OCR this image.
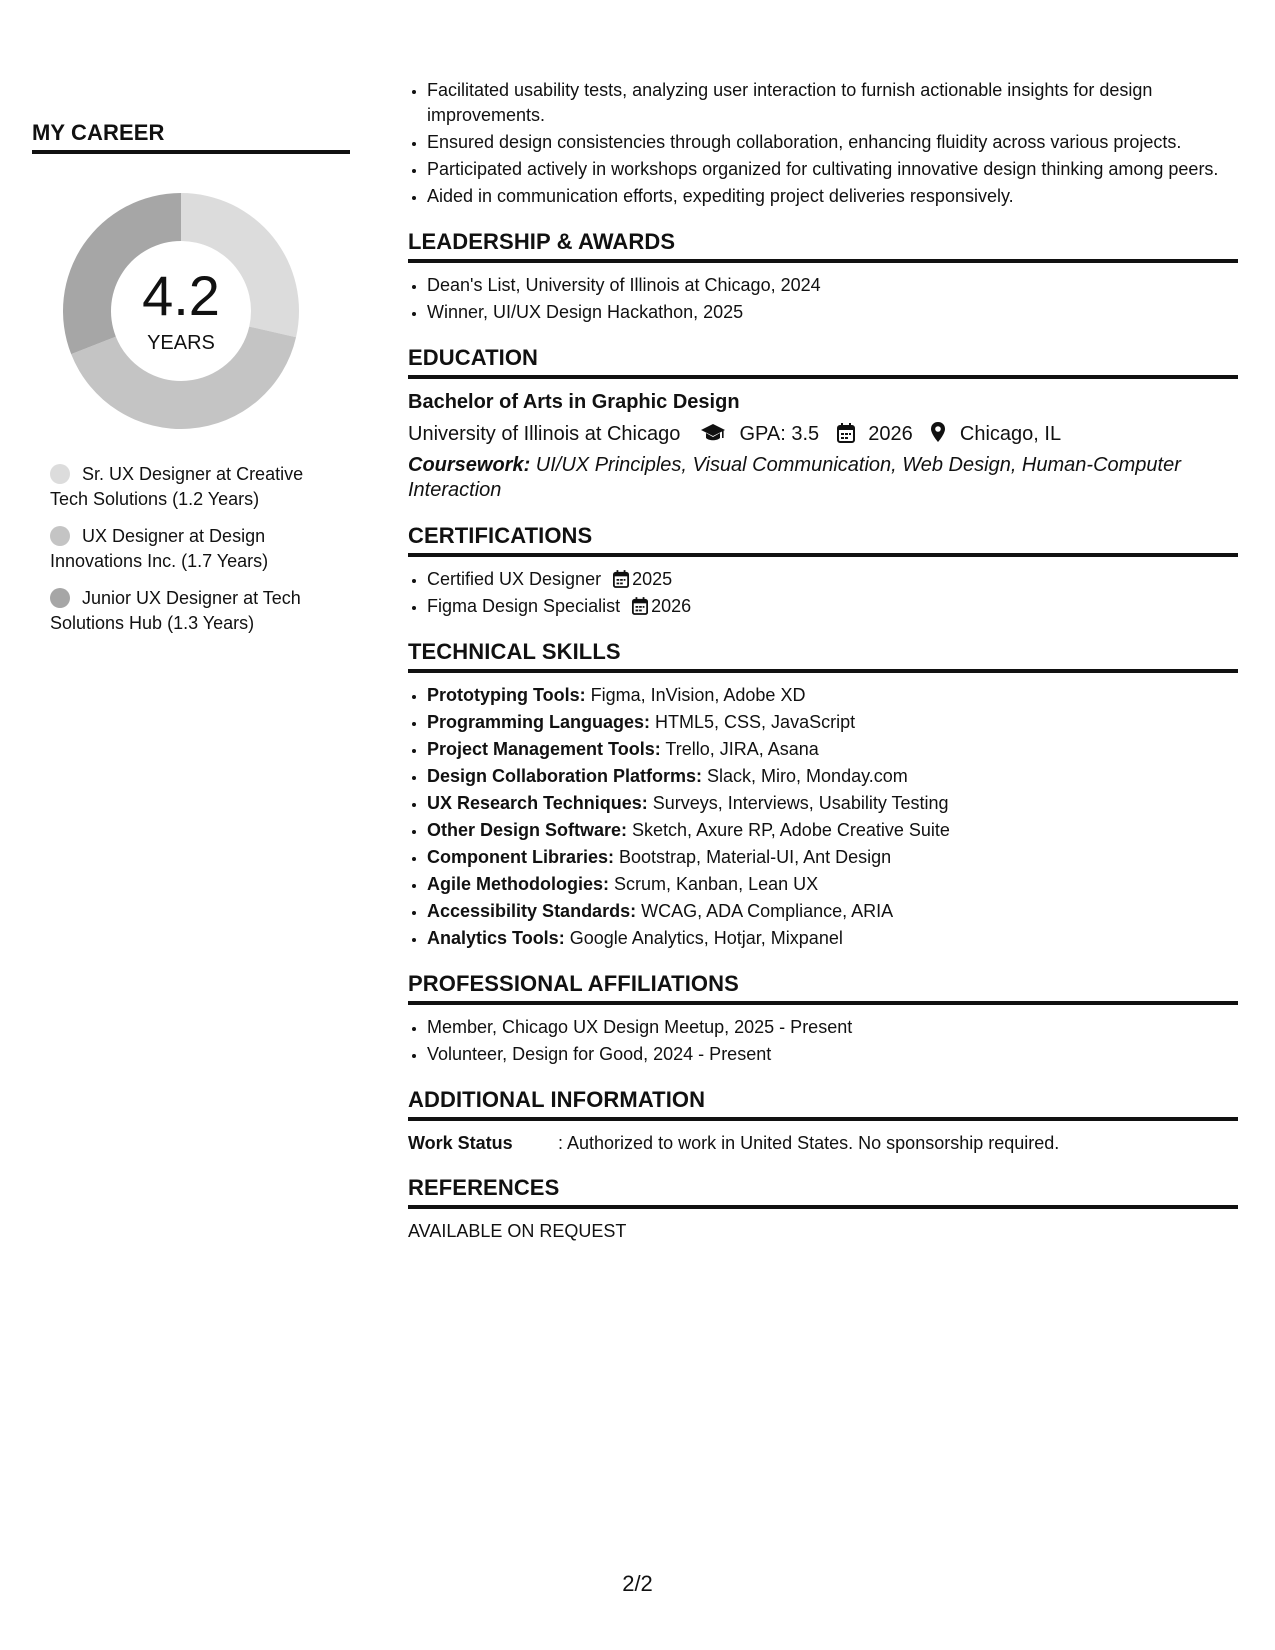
MY CAREER
4.2
YEARS
Sr. UX Designer at Creative Tech Solutions (1.2 Years)
UX Designer at Design Innovations Inc. (1.7 Years)
Junior UX Designer at Tech Solutions Hub (1.3 Years)
• Facilitated usability tests, analyzing user interaction to furnish actionable insights for design improvements.
• Ensured design consistencies through collaboration, enhancing fluidity across various projects.
• Participated actively in workshops organized for cultivating innovative design thinking among peers.
• Aided in communication efforts, expediting project deliveries responsively.
LEADERSHIP & AWARDS
• Dean's List, University of Illinois at Chicago, 2024
• Winner, UI/UX Design Hackathon, 2025
EDUCATION
Bachelor of Arts in Graphic Design
University of Illinois at Chicago	GPA: 3.5 2026 Chicago, IL
Coursework: UI/UX Principles, Visual Communication, Web Design, Human-Computer Interaction
CERTIFICATIONS
• Certified UX Designer 2025
• Figma Design Specialist 2026
TECHNICAL SKILLS
• Prototyping Tools: Figma, InVision, Adobe XD
• Programming Languages: HTML5, CSS, JavaScript
• Project Management Tools: Trello, JIRA, Asana
• Design Collaboration Platforms: Slack, Miro, Monday.com
• UX Research Techniques: Surveys, Interviews, Usability Testing
• Other Design Software: Sketch, Axure RP, Adobe Creative Suite
• Component Libraries: Bootstrap, Material-UI, Ant Design
• Agile Methodologies: Scrum, Kanban, Lean UX
• Accessibility Standards: WCAG, ADA Compliance, ARIA
• Analytics Tools: Google Analytics, Hotjar, Mixpanel
PROFESSIONAL AFFILIATIONS
• Member, Chicago UX Design Meetup, 2025 - Present
• Volunteer, Design for Good, 2024 - Present
ADDITIONAL INFORMATION
Work Status	: Authorized to work in United States. No sponsorship required.
REFERENCES
AVAILABLE ON REQUEST
2/2
